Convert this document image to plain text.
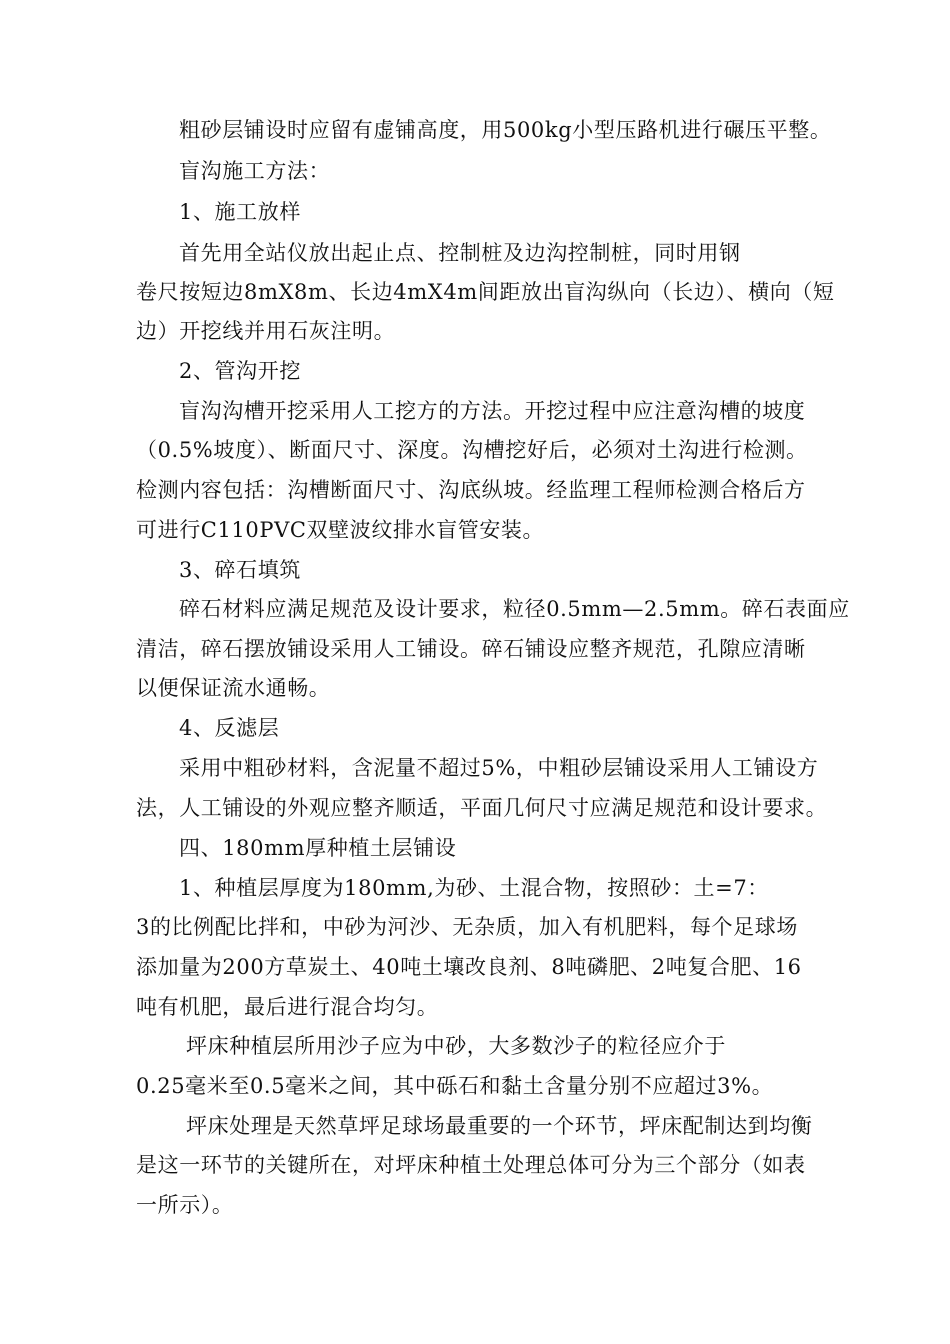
粗砂层铺设时应留有虚铺高度，用500kg小型压路机进行碾压平整。
盲沟施工方法：
1、施工放样
首先用全站仪放出起止点、控制桩及边沟控制桩，同时用钢
卷尺按短边8mX8m、长边4mX4m间距放出盲沟纵向（长边）、横向（短
边）开挖线并用石灰注明。
2、管沟开挖
盲沟沟槽开挖采用人工挖方的方法。开挖过程中应注意沟槽的坡度
（0.5%坡度）、断面尺寸、深度。沟槽挖好后，必须对土沟进行检测。
检测内容包括：沟槽断面尺寸、沟底纵坡。经监理工程师检测合格后方
可进行C110PVC双壁波纹排水盲管安装。
3、碎石填筑
碎石材料应满足规范及设计要求，粒径0.5mm—2.5mm。碎石表面应
清洁，碎石摆放铺设采用人工铺设。碎石铺设应整齐规范，孔隙应清晰
以便保证流水通畅。
4、反滤层
采用中粗砂材料，含泥量不超过5%，中粗砂层铺设采用人工铺设方
法，人工铺设的外观应整齐顺适，平面几何尺寸应满足规范和设计要求。
四、180mm厚种植土层铺设
1、种植层厚度为180mm,为砂、土混合物，按照砂：土=7：
3的比例配比拌和，中砂为河沙、无杂质，加入有机肥料，每个足球场
添加量为200方草炭土、40吨土壤改良剂、8吨磷肥、2吨复合肥、16
吨有机肥，最后进行混合均匀。
坪床种植层所用沙子应为中砂，大多数沙子的粒径应介于
0.25毫米至0.5毫米之间，其中砾石和黏土含量分别不应超过3%。
坪床处理是天然草坪足球场最重要的一个环节，坪床配制达到均衡
是这一环节的关键所在，对坪床种植土处理总体可分为三个部分（如表
一所示）。
